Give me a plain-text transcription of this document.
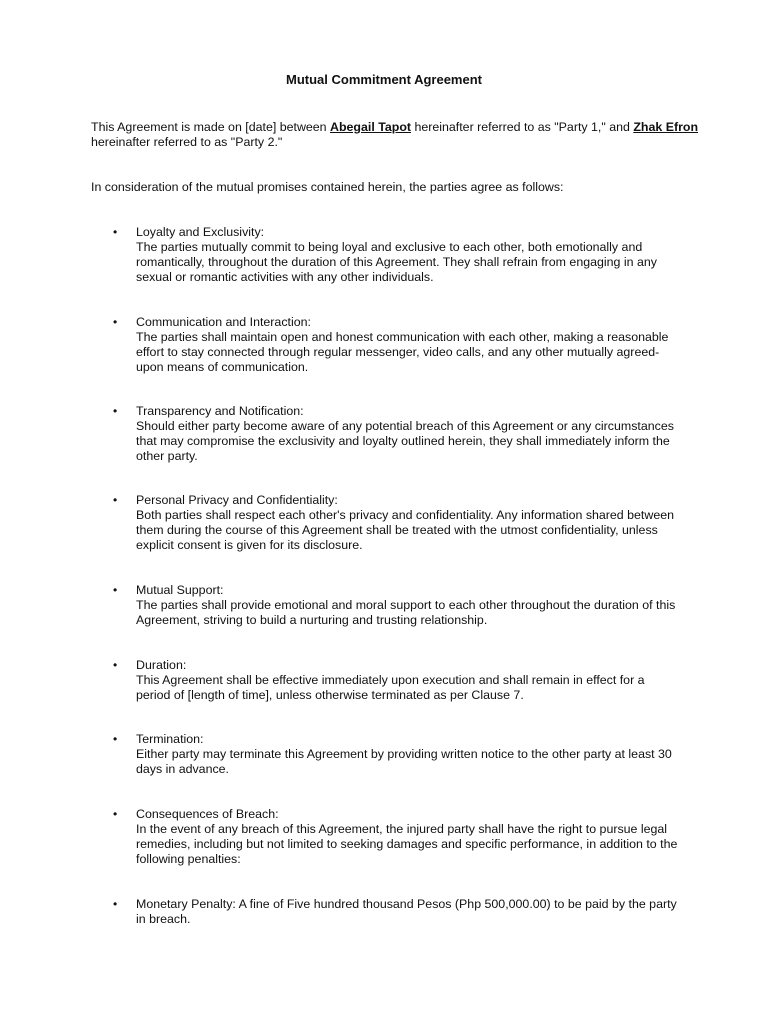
Mutual Commitment Agreement
This Agreement is made on [date] between Abegail Tapot hereinafter referred to as "Party 1," and Zhak Efron hereinafter referred to as "Party 2."
In consideration of the mutual promises contained herein, the parties agree as follows:
• Loyalty and Exclusivity:
The parties mutually commit to being loyal and exclusive to each other, both emotionally and romantically, throughout the duration of this Agreement. They shall refrain from engaging in any sexual or romantic activities with any other individuals.
• Communication and Interaction:
The parties shall maintain open and honest communication with each other, making a reasonable effort to stay connected through regular messenger, video calls, and any other mutually agreed-upon means of communication.
• Transparency and Notification:
Should either party become aware of any potential breach of this Agreement or any circumstances that may compromise the exclusivity and loyalty outlined herein, they shall immediately inform the other party.
• Personal Privacy and Confidentiality:
Both parties shall respect each other's privacy and confidentiality. Any information shared between them during the course of this Agreement shall be treated with the utmost confidentiality, unless explicit consent is given for its disclosure.
• Mutual Support:
The parties shall provide emotional and moral support to each other throughout the duration of this Agreement, striving to build a nurturing and trusting relationship.
• Duration:
This Agreement shall be effective immediately upon execution and shall remain in effect for a period of [length of time], unless otherwise terminated as per Clause 7.
• Termination:
Either party may terminate this Agreement by providing written notice to the other party at least 30 days in advance.
• Consequences of Breach:
In the event of any breach of this Agreement, the injured party shall have the right to pursue legal remedies, including but not limited to seeking damages and specific performance, in addition to the following penalties:
• Monetary Penalty: A fine of Five hundred thousand Pesos (Php 500,000.00) to be paid by the party in breach.
